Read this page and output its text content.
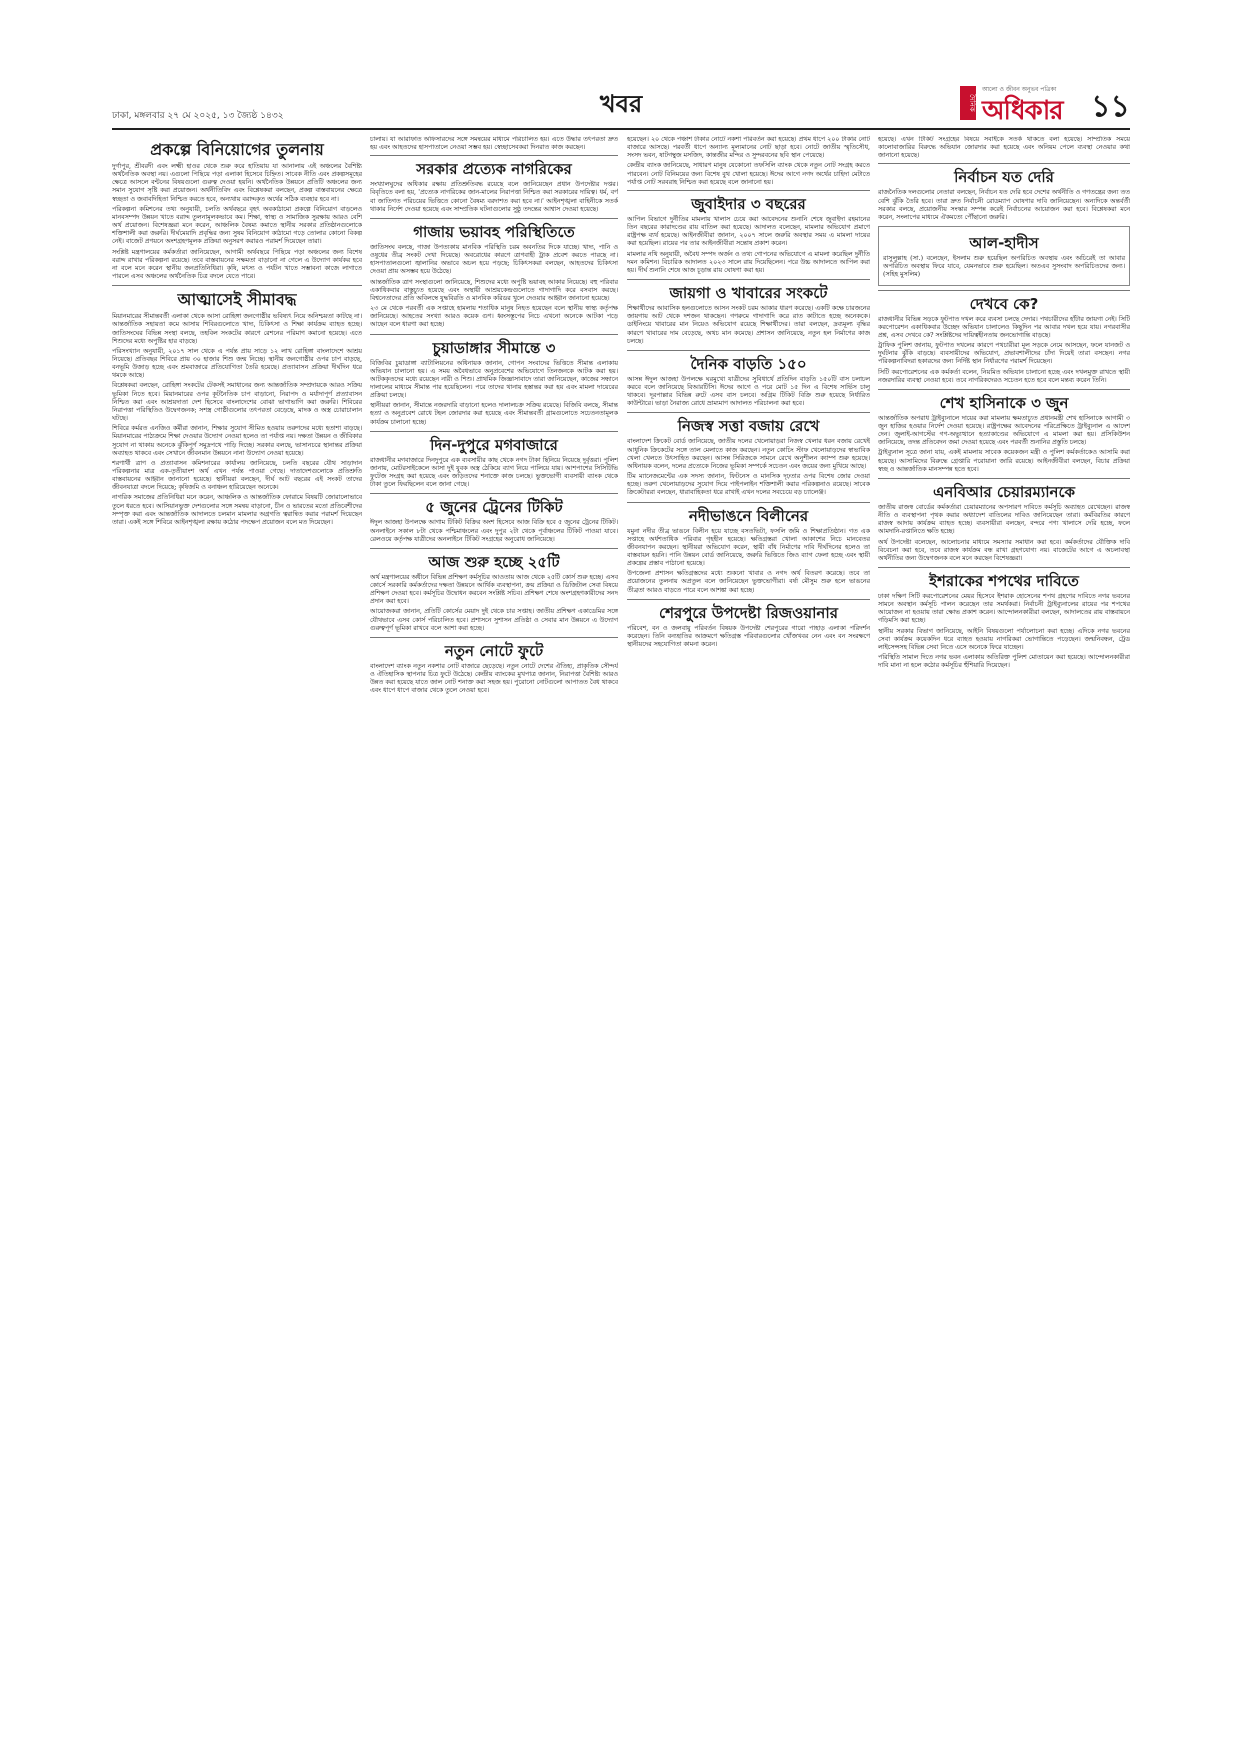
ঢাকা, মঙ্গলবার ২৭ মে ২০২৫, ১৩ জ্যৈষ্ঠ ১৪৩২	খবর	দৈনিক
আলো ও জীবন অনুভব পত্রিকা
অধিকার ১১
প্রকল্পে বিনিয়োগের তুলনায়

দুর্গাপুর, শ্রীবরদী এবং লক্ষ্মী হাওর থেকে শুরু করে হাতিয়ায় যা আনালায় এই অঞ্চলের বৈশিষ্ট্য অর্থনৈতিক অবস্থা নয়। এগুলো পিছিয়ে পড়া এলাকা হিসেবে চিহ্নিত। সাবেক নীতি এবং প্রকল্পসমূহের ক্ষেত্রে আসলে বন্টনের বিষয়গুলো গুরুত্ব দেওয়া হয়নি। অর্থনৈতিক উন্নয়নে প্রতিটি অঞ্চলের জন্য সমান সুযোগ সৃষ্টি করা প্রয়োজন। অর্থনীতিবিদ এবং বিশ্লেষকরা বলছেন, প্রকল্প বাস্তবায়নের ক্ষেত্রে স্বচ্ছতা ও জবাবদিহিতা নিশ্চিত করতে হবে, অন্যথায় বরাদ্দকৃত অর্থের সঠিক ব্যবহার হবে না।

পরিকল্পনা কমিশনের তথ্য অনুযায়ী, চলতি অর্থবছরে বৃহৎ অবকাঠামো প্রকল্পে বিনিয়োগ বাড়লেও মানবসম্পদ উন্নয়ন খাতে বরাদ্দ তুলনামূলকভাবে কম। শিক্ষা, স্বাস্থ্য ও সামাজিক সুরক্ষায় আরও বেশি অর্থ প্রয়োজন। বিশেষজ্ঞরা মনে করেন, আঞ্চলিক বৈষম্য কমাতে স্থানীয় সরকার প্রতিষ্ঠানগুলোকে শক্তিশালী করা জরুরি। দীর্ঘমেয়াদি প্রবৃদ্ধির জন্য সুষম বিনিয়োগ কাঠামো গড়ে তোলার কোনো বিকল্প নেই। বাজেট প্রণয়নে অংশগ্রহণমূলক প্রক্রিয়া অনুসরণ করারও পরামর্শ দিয়েছেন তারা।

সংশ্লিষ্ট মন্ত্রণালয়ের কর্মকর্তারা জানিয়েছেন, আগামী অর্থবছরে পিছিয়ে পড়া অঞ্চলের জন্য বিশেষ বরাদ্দ রাখার পরিকল্পনা রয়েছে। তবে বাস্তবায়নের সক্ষমতা বাড়ানো না গেলে এ উদ্যোগ কার্যকর হবে না বলে মনে করেন স্থানীয় জনপ্রতিনিধিরা। কৃষি, মৎস্য ও পর্যটন খাতে সম্ভাবনা কাজে লাগাতে পারলে এসব অঞ্চলের অর্থনৈতিক চিত্র বদলে যেতে পারে।

আত্মাসেই সীমাবদ্ধ

মিয়ানমারের সীমান্তবর্তী এলাকা থেকে আসা রোহিঙ্গা জনগোষ্ঠীর ভবিষ্যৎ নিয়ে অনিশ্চয়তা কাটছে না। আন্তর্জাতিক সহায়তা কমে আসায় শিবিরগুলোতে খাদ্য, চিকিৎসা ও শিক্ষা কার্যক্রম ব্যাহত হচ্ছে। জাতিসংঘের বিভিন্ন সংস্থা বলছে, তহবিল সংকটের কারণে রেশনের পরিমাণ কমানো হয়েছে। এতে শিশুদের মধ্যে অপুষ্টির হার বাড়ছে।

পরিসংখ্যান অনুযায়ী, ২০১৭ সাল থেকে এ পর্যন্ত প্রায় সাড়ে ১২ লাখ রোহিঙ্গা বাংলাদেশে আশ্রয় নিয়েছে। প্রতিবছর শিবিরে প্রায় ৩০ হাজার শিশু জন্ম নিচ্ছে। স্থানীয় জনগোষ্ঠীর ওপর চাপ বাড়ছে, বনভূমি উজাড় হচ্ছে এবং শ্রমবাজারে প্রতিযোগিতা তৈরি হয়েছে। প্রত্যাবাসন প্রক্রিয়া দীর্ঘদিন ধরে থমকে আছে।

বিশ্লেষকরা বলছেন, রোহিঙ্গা সংকটের টেকসই সমাধানের জন্য আন্তর্জাতিক সম্প্রদায়কে আরও সক্রিয় ভূমিকা নিতে হবে। মিয়ানমারের ওপর কূটনৈতিক চাপ বাড়ানো, নিরাপদ ও মর্যাদাপূর্ণ প্রত্যাবাসন নিশ্চিত করা এবং আশ্রয়দাতা দেশ হিসেবে বাংলাদেশের বোঝা ভাগাভাগি করা জরুরি। শিবিরের নিরাপত্তা পরিস্থিতিও উদ্বেগজনক; সশস্ত্র গোষ্ঠীগুলোর তৎপরতা বেড়েছে, মাদক ও অস্ত্র চোরাচালান ঘটছে।

শিবিরে কর্মরত এনজিও কর্মীরা জানান, শিক্ষার সুযোগ সীমিত হওয়ায় তরুণদের মধ্যে হতাশা বাড়ছে। মিয়ানমারের পাঠ্যক্রমে শিক্ষা দেওয়ার উদ্যোগ নেওয়া হলেও তা পর্যাপ্ত নয়। দক্ষতা উন্নয়ন ও জীবিকার সুযোগ না থাকায় অনেকে ঝুঁকিপূর্ণ সমুদ্রপথে পাড়ি দিচ্ছে। সরকার বলছে, ভাসানচরে স্থানান্তর প্রক্রিয়া অব্যাহত থাকবে এবং সেখানে জীবনমান উন্নয়নে নানা উদ্যোগ নেওয়া হয়েছে।

শরণার্থী ত্রাণ ও প্রত্যাবাসন কমিশনারের কার্যালয় জানিয়েছে, চলতি বছরের যৌথ সাড়াদান পরিকল্পনার মাত্র এক-তৃতীয়াংশ অর্থ এখন পর্যন্ত পাওয়া গেছে। দাতাদেশগুলোকে প্রতিশ্রুতি বাস্তবায়নের আহ্বান জানানো হয়েছে। স্থানীয়রা বলছেন, দীর্ঘ আট বছরের এই সংকট তাদের জীবনযাত্রা বদলে দিয়েছে; কৃষিজমি ও বনাঞ্চল হারিয়েছেন অনেকে।

নাগরিক সমাজের প্রতিনিধিরা মনে করেন, আঞ্চলিক ও আন্তর্জাতিক ফোরামে বিষয়টি জোরালোভাবে তুলে ধরতে হবে। আসিয়ানভুক্ত দেশগুলোর সঙ্গে সমন্বয় বাড়ানো, চীন ও ভারতের মতো প্রতিবেশীদের সম্পৃক্ত করা এবং আন্তর্জাতিক আদালতে চলমান মামলার অগ্রগতি ত্বরান্বিত করার পরামর্শ দিয়েছেন তারা। একই সঙ্গে শিবিরে আইনশৃঙ্খলা রক্ষায় কঠোর পদক্ষেপ প্রয়োজন বলে মত দিয়েছেন।

চালায়। যা আরাফাত অফিসারদের সঙ্গে সমন্বয়ের মাধ্যমে পরিচালিত হয়। এতে উদ্ধার তৎপরতা দ্রুত হয় এবং আহতদের হাসপাতালে নেওয়া সম্ভব হয়। স্বেচ্ছাসেবকরা দিনরাত কাজ করছেন।

সরকার প্রত্যেক নাগরিকের

সংখ্যালঘুদের অধিকার রক্ষায় প্রতিশ্রুতিবদ্ধ রয়েছে বলে জানিয়েছেন প্রধান উপদেষ্টার দপ্তর। বিবৃতিতে বলা হয়, 'প্রত্যেক নাগরিকের জান-মালের নিরাপত্তা নিশ্চিত করা সরকারের দায়িত্ব। ধর্ম, বর্ণ বা জাতিগত পরিচয়ের ভিত্তিতে কোনো বৈষম্য বরদাশত করা হবে না।' আইনশৃঙ্খলা বাহিনীকে সতর্ক থাকার নির্দেশ দেওয়া হয়েছে এবং সাম্প্রতিক ঘটনাগুলোর সুষ্ঠু তদন্তের আশ্বাস দেওয়া হয়েছে।

গাজায় ভয়াবহ পরিস্থিতিতে

জাতিসংঘ বলছে, গাজা উপত্যকায় মানবিক পরিস্থিতি চরম অবনতির দিকে যাচ্ছে। খাদ্য, পানি ও ওষুধের তীব্র সংকট দেখা দিয়েছে। অবরোধের কারণে ত্রাণবাহী ট্রাক প্রবেশ করতে পারছে না। হাসপাতালগুলো জ্বালানির অভাবে অচল হয়ে পড়ছে; চিকিৎসকরা বলছেন, আহতদের চিকিৎসা দেওয়া প্রায় অসম্ভব হয়ে উঠেছে।

আন্তর্জাতিক ত্রাণ সংস্থাগুলো জানিয়েছে, শিশুদের মধ্যে অপুষ্টি ভয়াবহ আকার নিয়েছে। বহু পরিবার একাধিকবার বাস্তুচ্যুত হয়েছে এবং অস্থায়ী আশ্রয়কেন্দ্রগুলোতে গাদাগাদি করে বসবাস করছে। বিশ্বনেতাদের প্রতি অবিলম্বে যুদ্ধবিরতি ও মানবিক করিডর খুলে দেওয়ার আহ্বান জানানো হয়েছে।

২৩ মে থেকে পরবর্তী এক সপ্তাহে হামলায় শতাধিক মানুষ নিহত হয়েছেন বলে স্থানীয় স্বাস্থ্য কর্তৃপক্ষ জানিয়েছে। আহতের সংখ্যা আরও কয়েক গুণ। ধ্বংসস্তূপের নিচে এখনো অনেকে আটকা পড়ে আছেন বলে ধারণা করা হচ্ছে।

চুয়াডাঙ্গার সীমান্তে ৩

বিজিবির চুয়াডাঙ্গা ব্যাটালিয়নের অধিনায়ক জানান, গোপন সংবাদের ভিত্তিতে সীমান্ত এলাকায় অভিযান চালানো হয়। এ সময় অবৈধভাবে অনুপ্রবেশের অভিযোগে তিনজনকে আটক করা হয়। আটককৃতদের মধ্যে রয়েছেন নারী ও শিশু। প্রাথমিক জিজ্ঞাসাবাদে তারা জানিয়েছেন, কাজের সন্ধানে দালালের মাধ্যমে সীমান্ত পার হয়েছিলেন। পরে তাদের থানায় হস্তান্তর করা হয় এবং মামলা দায়েরের প্রক্রিয়া চলছে।

স্থানীয়রা জানান, সীমান্তে নজরদারি বাড়ানো হলেও দালালচক্র সক্রিয় রয়েছে। বিজিবি বলছে, সীমান্ত হত্যা ও অনুপ্রবেশ রোধে টহল জোরদার করা হয়েছে এবং সীমান্তবর্তী গ্রামগুলোতে সচেতনতামূলক কার্যক্রম চালানো হচ্ছে।

দিন-দুপুরে মগবাজারে

রাজধানীর মগবাজারে দিনদুপুরে এক ব্যবসায়ীর কাছ থেকে নগদ টাকা ছিনিয়ে নিয়েছে দুর্বৃত্তরা। পুলিশ জানায়, মোটরসাইকেলে আসা দুই যুবক অস্ত্র ঠেকিয়ে ব্যাগ নিয়ে পালিয়ে যায়। আশপাশের সিসিটিভি ফুটেজ সংগ্রহ করা হয়েছে এবং জড়িতদের শনাক্তে কাজ চলছে। ভুক্তভোগী ব্যবসায়ী ব্যাংক থেকে টাকা তুলে ফিরছিলেন বলে জানা গেছে।

৫ জুনের ট্রেনের টিকিট

ঈদুল আজহা উপলক্ষে আগাম টিকিট বিক্রির অংশ হিসেবে আজ বিক্রি হবে ৫ জুনের ট্রেনের টিকিট। অনলাইনে সকাল ৮টা থেকে পশ্চিমাঞ্চলের এবং দুপুর ২টা থেকে পূর্বাঞ্চলের টিকিট পাওয়া যাবে। রেলওয়ে কর্তৃপক্ষ যাত্রীদের অনলাইনে টিকিট সংগ্রহের অনুরোধ জানিয়েছে।

আজ শুরু হচ্ছে ২৫টি

অর্থ মন্ত্রণালয়ের অধীনে বিভিন্ন প্রশিক্ষণ কর্মসূচির আওতায় আজ থেকে ২৫টি কোর্স শুরু হচ্ছে। এসব কোর্সে সরকারি কর্মকর্তাদের দক্ষতা উন্নয়নে আর্থিক ব্যবস্থাপনা, ক্রয় প্রক্রিয়া ও ডিজিটাল সেবা বিষয়ে প্রশিক্ষণ দেওয়া হবে। কর্মসূচির উদ্বোধন করবেন সংশ্লিষ্ট সচিব। প্রশিক্ষণ শেষে অংশগ্রহণকারীদের সনদ প্রদান করা হবে।

আয়োজকরা জানান, প্রতিটি কোর্সের মেয়াদ দুই থেকে চার সপ্তাহ। জাতীয় প্রশিক্ষণ একাডেমির সঙ্গে যৌথভাবে এসব কোর্স পরিচালিত হবে। প্রশাসনে সুশাসন প্রতিষ্ঠা ও সেবার মান উন্নয়নে এ উদ্যোগ গুরুত্বপূর্ণ ভূমিকা রাখবে বলে আশা করা হচ্ছে।

নতুন নোটে ফুটে

বাংলাদেশ ব্যাংক নতুন নকশার নোট বাজারে ছেড়েছে। নতুন নোটে দেশের ঐতিহ্য, প্রাকৃতিক সৌন্দর্য ও ঐতিহাসিক স্থাপনার চিত্র ফুটে উঠেছে। কেন্দ্রীয় ব্যাংকের মুখপাত্র জানান, নিরাপত্তা বৈশিষ্ট্য আরও উন্নত করা হয়েছে যাতে জাল নোট শনাক্ত করা সহজ হয়। পুরোনো নোটগুলো আপাতত বৈধ থাকবে এবং ধাপে ধাপে বাজার থেকে তুলে নেওয়া হবে।

হয়েছেন। ২০ থেকে পঞ্চাশ টাকার নোটে নকশা পরিবর্তন করা হয়েছে। প্রথম ধাপে ২০০ টাকার নোট বাজারে আসছে। পরবর্তী ধাপে অন্যান্য মূল্যমানের নোট ছাড়া হবে। নোটে জাতীয় স্মৃতিসৌধ, সংসদ ভবন, ষাটগম্বুজ মসজিদ, কান্তজীর মন্দির ও সুন্দরবনের ছবি স্থান পেয়েছে।

কেন্দ্রীয় ব্যাংক জানিয়েছে, সাধারণ মানুষ যেকোনো তফসিলি ব্যাংক থেকে নতুন নোট সংগ্রহ করতে পারবেন। নোট বিনিময়ের জন্য বিশেষ বুথ খোলা হয়েছে। ঈদের আগে নগদ অর্থের চাহিদা মেটাতে পর্যাপ্ত নোট সরবরাহ নিশ্চিত করা হয়েছে বলে জানানো হয়।

জুবাইদার ৩ বছরের

আপিল বিভাগে দুর্নীতির মামলায় খালাস চেয়ে করা আবেদনের শুনানি শেষে জুবাইদা রহমানের তিন বছরের কারাদণ্ডের রায় বাতিল করা হয়েছে। আদালত বলেছেন, মামলার অভিযোগ প্রমাণে রাষ্ট্রপক্ষ ব্যর্থ হয়েছে। আইনজীবীরা জানান, ২০০৭ সালে জরুরি অবস্থার সময় এ মামলা দায়ের করা হয়েছিল। রায়ের পর তার আইনজীবীরা সন্তোষ প্রকাশ করেন।

মামলার নথি অনুযায়ী, অবৈধ সম্পদ অর্জন ও তথ্য গোপনের অভিযোগে এ মামলা করেছিল দুর্নীতি দমন কমিশন। বিচারিক আদালত ২০২৩ সালে রায় দিয়েছিলেন। পরে উচ্চ আদালতে আপিল করা হয়। দীর্ঘ শুনানি শেষে আজ চূড়ান্ত রায় ঘোষণা করা হয়।

জায়গা ও খাবারের সংকটে

শিক্ষার্থীদের আবাসিক হলগুলোতে আসন সংকট চরম আকার ধারণ করেছে। একটি কক্ষে চারজনের জায়গায় আট থেকে দশজন থাকছেন। গণরুমে গাদাগাদি করে রাত কাটাতে হচ্ছে অনেককে। ডাইনিংয়ে খাবারের মান নিয়েও অভিযোগ রয়েছে শিক্ষার্থীদের। তারা বলছেন, দ্রব্যমূল্য বৃদ্ধির কারণে খাবারের দাম বেড়েছে, অথচ মান কমেছে। প্রশাসন জানিয়েছে, নতুন হল নির্মাণের কাজ চলছে।

দৈনিক বাড়তি ১৫০

আসন্ন ঈদুল আজহা উপলক্ষে ঘরমুখো যাত্রীদের সুবিধার্থে প্রতিদিন বাড়তি ১৫০টি বাস চলাচল করবে বলে জানিয়েছে বিআরটিসি। ঈদের আগে ও পরে মোট ১৫ দিন এ বিশেষ সার্ভিস চালু থাকবে। দূরপাল্লার বিভিন্ন রুটে এসব বাস চলবে। অগ্রিম টিকিট বিক্রি শুরু হয়েছে নির্ধারিত কাউন্টারে। ভাড়া নৈরাজ্য রোধে ভ্রাম্যমাণ আদালত পরিচালনা করা হবে।

নিজস্ব সত্তা বজায় রেখে

বাংলাদেশ ক্রিকেট বোর্ড জানিয়েছে, জাতীয় দলের খেলোয়াড়রা নিজস্ব খেলার ধরন বজায় রেখেই আধুনিক ক্রিকেটের সঙ্গে তাল মেলাতে কাজ করছেন। নতুন কোচিং স্টাফ খেলোয়াড়দের স্বাভাবিক খেলা খেলতে উৎসাহিত করছেন। আসন্ন সিরিজকে সামনে রেখে অনুশীলন ক্যাম্প শুরু হয়েছে। অধিনায়ক বলেন, দলের প্রত্যেকে নিজের ভূমিকা সম্পর্কে সচেতন এবং জয়ের জন্য মুখিয়ে আছে।

টিম ম্যানেজমেন্টের এক সদস্য জানান, ফিটনেস ও মানসিক দৃঢ়তার ওপর বিশেষ জোর দেওয়া হচ্ছে। তরুণ খেলোয়াড়দের সুযোগ দিয়ে পাইপলাইন শক্তিশালী করার পরিকল্পনাও রয়েছে। সাবেক ক্রিকেটাররা বলছেন, ধারাবাহিকতা ধরে রাখাই এখন দলের সবচেয়ে বড় চ্যালেঞ্জ।

নদীভাঙনে বিলীনের

যমুনা নদীর তীব্র ভাঙনে বিলীন হয়ে যাচ্ছে বসতভিটা, ফসলি জমি ও শিক্ষাপ্রতিষ্ঠান। গত এক সপ্তাহে অর্ধশতাধিক পরিবার গৃহহীন হয়েছে। ক্ষতিগ্রস্তরা খোলা আকাশের নিচে মানবেতর জীবনযাপন করছেন। স্থানীয়রা অভিযোগ করেন, স্থায়ী বাঁধ নির্মাণের দাবি দীর্ঘদিনের হলেও তা বাস্তবায়ন হয়নি। পানি উন্নয়ন বোর্ড জানিয়েছে, জরুরি ভিত্তিতে জিও ব্যাগ ফেলা হচ্ছে এবং স্থায়ী প্রকল্পের প্রস্তাব পাঠানো হয়েছে।

উপজেলা প্রশাসন ক্ষতিগ্রস্তদের মধ্যে শুকনো খাবার ও নগদ অর্থ বিতরণ করেছে। তবে তা প্রয়োজনের তুলনায় অপ্রতুল বলে জানিয়েছেন ভুক্তভোগীরা। বর্ষা মৌসুম শুরু হলে ভাঙনের তীব্রতা আরও বাড়তে পারে বলে আশঙ্কা করা হচ্ছে।

শেরপুরে উপদেষ্টা রিজওয়ানার

পরিবেশ, বন ও জলবায়ু পরিবর্তন বিষয়ক উপদেষ্টা শেরপুরের গারো পাহাড় এলাকা পরিদর্শন করেছেন। তিনি বন্যহাতির আক্রমণে ক্ষতিগ্রস্ত পরিবারগুলোর খোঁজখবর নেন এবং বন সংরক্ষণে স্থানীয়দের সহযোগিতা কামনা করেন।

হয়েছে। এখন টিকিট সংগ্রহের বিষয়ে সবাইকে সতর্ক থাকতে বলা হয়েছে। সাম্প্রতিক সময়ে কালোবাজারির বিরুদ্ধে অভিযান জোরদার করা হয়েছে এবং অনিয়ম পেলে ব্যবস্থা নেওয়ার কথা জানানো হয়েছে।

নির্বাচন যত দেরি

রাজনৈতিক দলগুলোর নেতারা বলছেন, নির্বাচন যত দেরি হবে দেশের অর্থনীতি ও গণতন্ত্রের জন্য তত বেশি ঝুঁকি তৈরি হবে। তারা দ্রুত নির্বাচনী রোডম্যাপ ঘোষণার দাবি জানিয়েছেন। অন্যদিকে অন্তর্বর্তী সরকার বলছে, প্রয়োজনীয় সংস্কার সম্পন্ন করেই নির্বাচনের আয়োজন করা হবে। বিশ্লেষকরা মনে করেন, সংলাপের মাধ্যমে ঐকমত্যে পৌঁছানো জরুরি।

আল-হাদীস

রাসুলুল্লাহ (সা.) বলেছেন, ইসলাম শুরু হয়েছিল অপরিচিত অবস্থায় এবং অচিরেই তা আবার অপরিচিত অবস্থায় ফিরে যাবে, যেমনভাবে শুরু হয়েছিল। অতএব সুসংবাদ অপরিচিতদের জন্য। (সহিহ মুসলিম)

দেখবে কে?

রাজধানীর বিভিন্ন সড়কে ফুটপাত দখল করে ব্যবসা চলছে দেদার। পথচারীদের হাঁটার জায়গা নেই। সিটি করপোরেশন একাধিকবার উচ্ছেদ অভিযান চালালেও কিছুদিন পর আবার দখল হয়ে যায়। নগরবাসীর প্রশ্ন, এসব দেখবে কে? সংশ্লিষ্টদের দায়িত্বহীনতায় জনভোগান্তি বাড়ছে।

ট্রাফিক পুলিশ জানায়, ফুটপাত দখলের কারণে পথচারীরা মূল সড়কে নেমে আসছেন, ফলে যানজট ও দুর্ঘটনার ঝুঁকি বাড়ছে। ব্যবসায়ীদের অভিযোগ, প্রভাবশালীদের চাঁদা দিয়েই তারা বসছেন। নগর পরিকল্পনাবিদরা হকারদের জন্য নির্দিষ্ট স্থান নির্ধারণের পরামর্শ দিয়েছেন।

সিটি করপোরেশনের এক কর্মকর্তা বলেন, নিয়মিত অভিযান চালানো হচ্ছে এবং দখলমুক্ত রাখতে স্থায়ী নজরদারির ব্যবস্থা নেওয়া হবে। তবে নাগরিকদেরও সচেতন হতে হবে বলে মন্তব্য করেন তিনি।

শেখ হাসিনাকে ৩ জুন

আন্তর্জাতিক অপরাধ ট্রাইব্যুনালে দায়ের করা মামলায় ক্ষমতাচ্যুত প্রধানমন্ত্রী শেখ হাসিনাকে আগামী ৩ জুন হাজির হওয়ার নির্দেশ দেওয়া হয়েছে। রাষ্ট্রপক্ষের আবেদনের পরিপ্রেক্ষিতে ট্রাইব্যুনাল এ আদেশ দেন। জুলাই-আগস্টের গণ-অভ্যুত্থানে হত্যাকাণ্ডের অভিযোগে এ মামলা করা হয়। প্রসিকিউশন জানিয়েছে, তদন্ত প্রতিবেদন জমা দেওয়া হয়েছে এবং পরবর্তী শুনানির প্রস্তুতি চলছে।

ট্রাইব্যুনাল সূত্রে জানা যায়, একই মামলায় সাবেক কয়েকজন মন্ত্রী ও পুলিশ কর্মকর্তাকেও আসামি করা হয়েছে। আসামিদের বিরুদ্ধে গ্রেপ্তারি পরোয়ানা জারি রয়েছে। আইনজীবীরা বলছেন, বিচার প্রক্রিয়া স্বচ্ছ ও আন্তর্জাতিক মানসম্পন্ন হতে হবে।

এনবিআর চেয়ারম্যানকে

জাতীয় রাজস্ব বোর্ডের কর্মকর্তারা চেয়ারম্যানের অপসারণ দাবিতে কর্মসূচি অব্যাহত রেখেছেন। রাজস্ব নীতি ও ব্যবস্থাপনা পৃথক করার অধ্যাদেশ বাতিলের দাবিও জানিয়েছেন তারা। কর্মবিরতির কারণে রাজস্ব আদায় কার্যক্রম ব্যাহত হচ্ছে। ব্যবসায়ীরা বলছেন, বন্দরে পণ্য খালাসে দেরি হচ্ছে, ফলে আমদানি-রপ্তানিতে ক্ষতি হচ্ছে।

অর্থ উপদেষ্টা বলেছেন, আলোচনার মাধ্যমে সমস্যার সমাধান করা হবে। কর্মকর্তাদের যৌক্তিক দাবি বিবেচনা করা হবে, তবে রাজস্ব কার্যক্রম বন্ধ রাখা গ্রহণযোগ্য নয়। বাজেটের আগে এ অচলাবস্থা অর্থনীতির জন্য উদ্বেগজনক বলে মনে করছেন বিশেষজ্ঞরা।

ইশরাকের শপথের দাবিতে

ঢাকা দক্ষিণ সিটি করপোরেশনের মেয়র হিসেবে ইশরাক হোসেনের শপথ গ্রহণের দাবিতে নগর ভবনের সামনে অবস্থান কর্মসূচি পালন করেছেন তার সমর্থকরা। নির্বাচনী ট্রাইব্যুনালের রায়ের পর শপথের আয়োজন না হওয়ায় তারা ক্ষোভ প্রকাশ করেন। আন্দোলনকারীরা বলছেন, আদালতের রায় বাস্তবায়নে গড়িমসি করা হচ্ছে।

স্থানীয় সরকার বিভাগ জানিয়েছে, আইনি বিষয়গুলো পর্যালোচনা করা হচ্ছে। এদিকে নগর ভবনের সেবা কার্যক্রম কয়েকদিন ধরে ব্যাহত হওয়ায় নাগরিকরা ভোগান্তিতে পড়েছেন। জন্মনিবন্ধন, ট্রেড লাইসেন্সসহ বিভিন্ন সেবা নিতে এসে অনেকে ফিরে যাচ্ছেন।

পরিস্থিতি সামাল দিতে নগর ভবন এলাকায় অতিরিক্ত পুলিশ মোতায়েন করা হয়েছে। আন্দোলনকারীরা দাবি মানা না হলে কঠোর কর্মসূচির হুঁশিয়ারি দিয়েছেন।
